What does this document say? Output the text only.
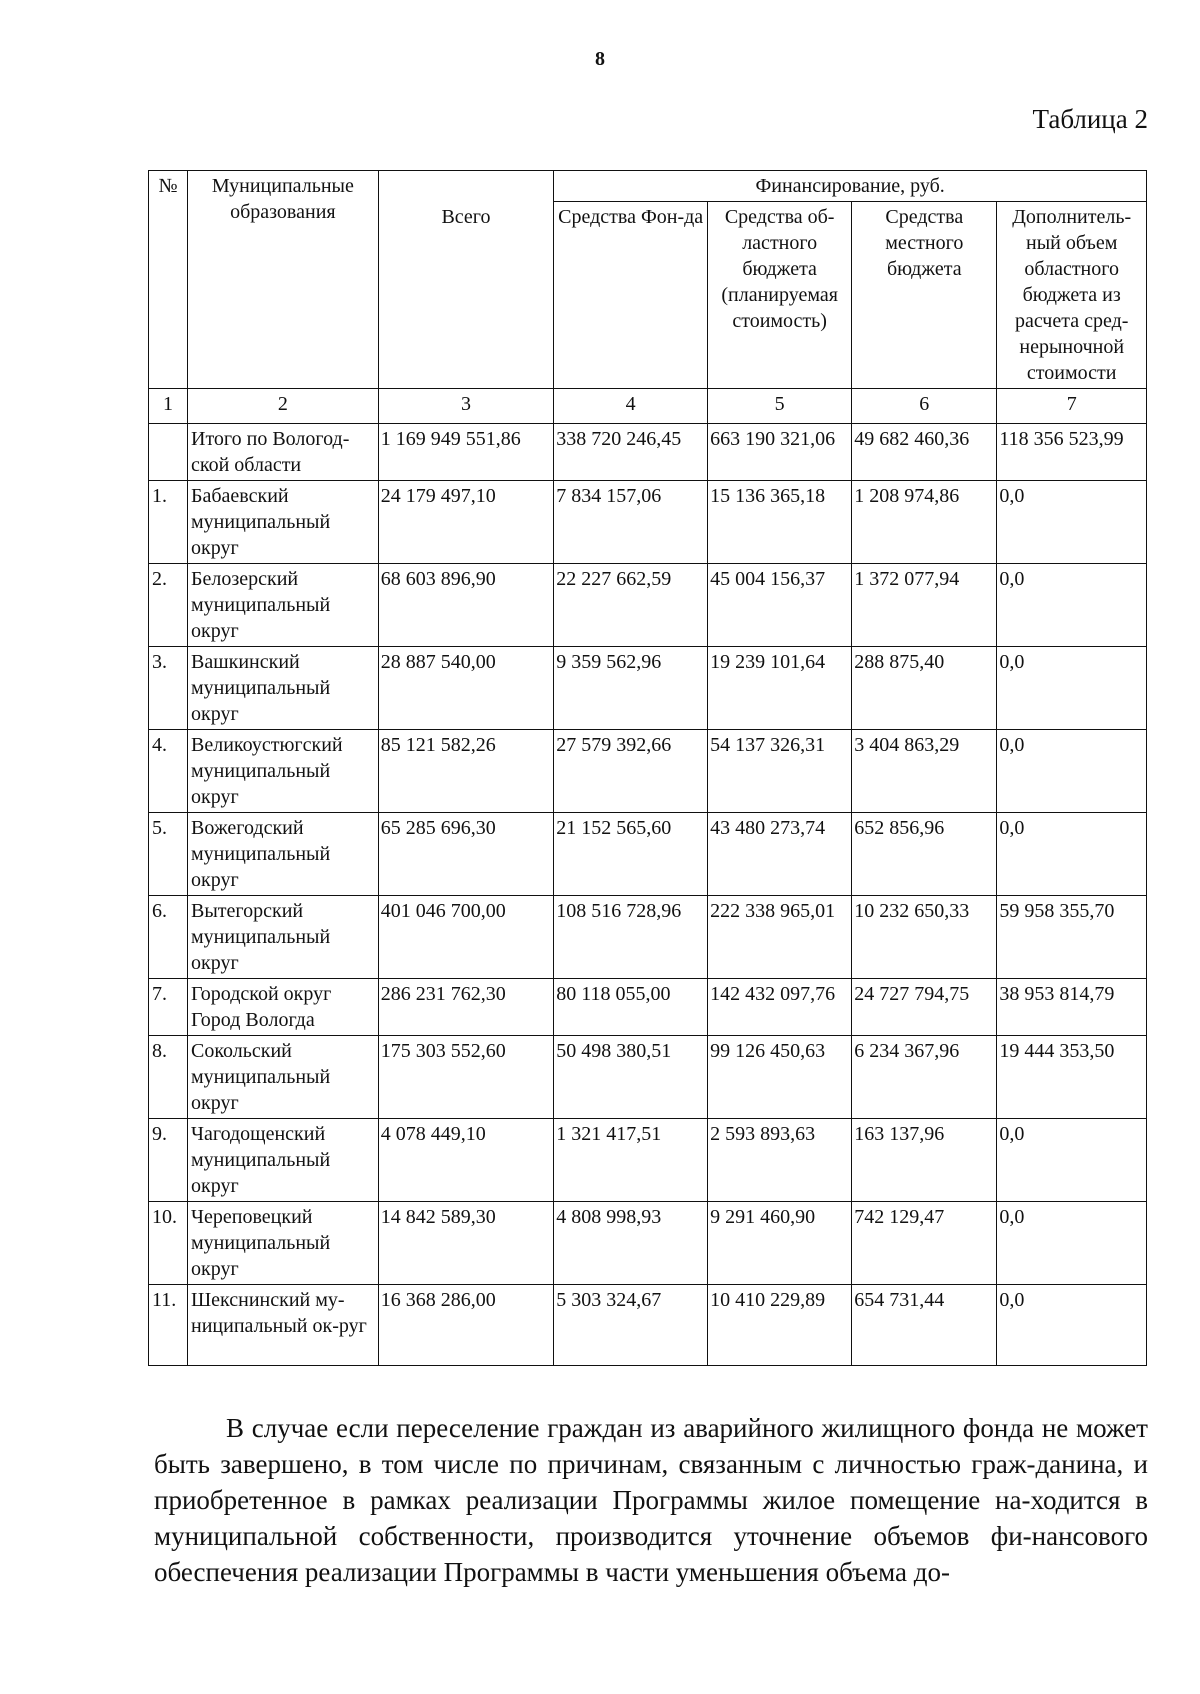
8
Таблица 2
№	Муниципальные образования		Финансирование, руб.			
		Всего	Средства Фон-да	Средства об-ластного бюджета (планируемая стоимость)	Средства местного бюджета	Дополнитель-ный объем областного бюджета из расчета сред-нерыночной стоимости
1	2	3	4	5	6	7
	Итого по Вологод-ской области	1 169 949 551,86	338 720 246,45	663 190 321,06	49 682 460,36	118 356 523,99
1.	Бабаевский муниципальный округ	24 179 497,10	7 834 157,06	15 136 365,18	1 208 974,86	0,0
2.	Белозерский муниципальный округ	68 603 896,90	22 227 662,59	45 004 156,37	1 372 077,94	0,0
3.	Вашкинский муниципальный округ	28 887 540,00	9 359 562,96	19 239 101,64	288 875,40	0,0
4.	Великоустюгский муниципальный округ	85 121 582,26	27 579 392,66	54 137 326,31	3 404 863,29	0,0
5.	Вожегодский муниципальный округ	65 285 696,30	21 152 565,60	43 480 273,74	652 856,96	0,0
6.	Вытегорский муниципальный округ	401 046 700,00	108 516 728,96	222 338 965,01	10 232 650,33	59 958 355,70
7.	Городской округ Город Вологда	286 231 762,30	80 118 055,00	142 432 097,76	24 727 794,75	38 953 814,79
8.	Сокольский муниципальный округ	175 303 552,60	50 498 380,51	99 126 450,63	6 234 367,96	19 444 353,50
9.	Чагодощенский муниципальный округ	4 078 449,10	1 321 417,51	2 593 893,63	163 137,96	0,0
10.	Череповецкий муниципальный округ	14 842 589,30	4 808 998,93	9 291 460,90	742 129,47	0,0
11.	Шекснинский му-ниципальный ок-руг	16 368 286,00	5 303 324,67	10 410 229,89	654 731,44	0,0

В случае если переселение граждан из аварийного жилищного фонда не может быть завершено, в том числе по причинам, связанным с личностью граж-данина, и приобретенное в рамках реализации Программы жилое помещение на-ходится в муниципальной собственности, производится уточнение объемов фи-нансового обеспечения реализации Программы в части уменьшения объема до-
